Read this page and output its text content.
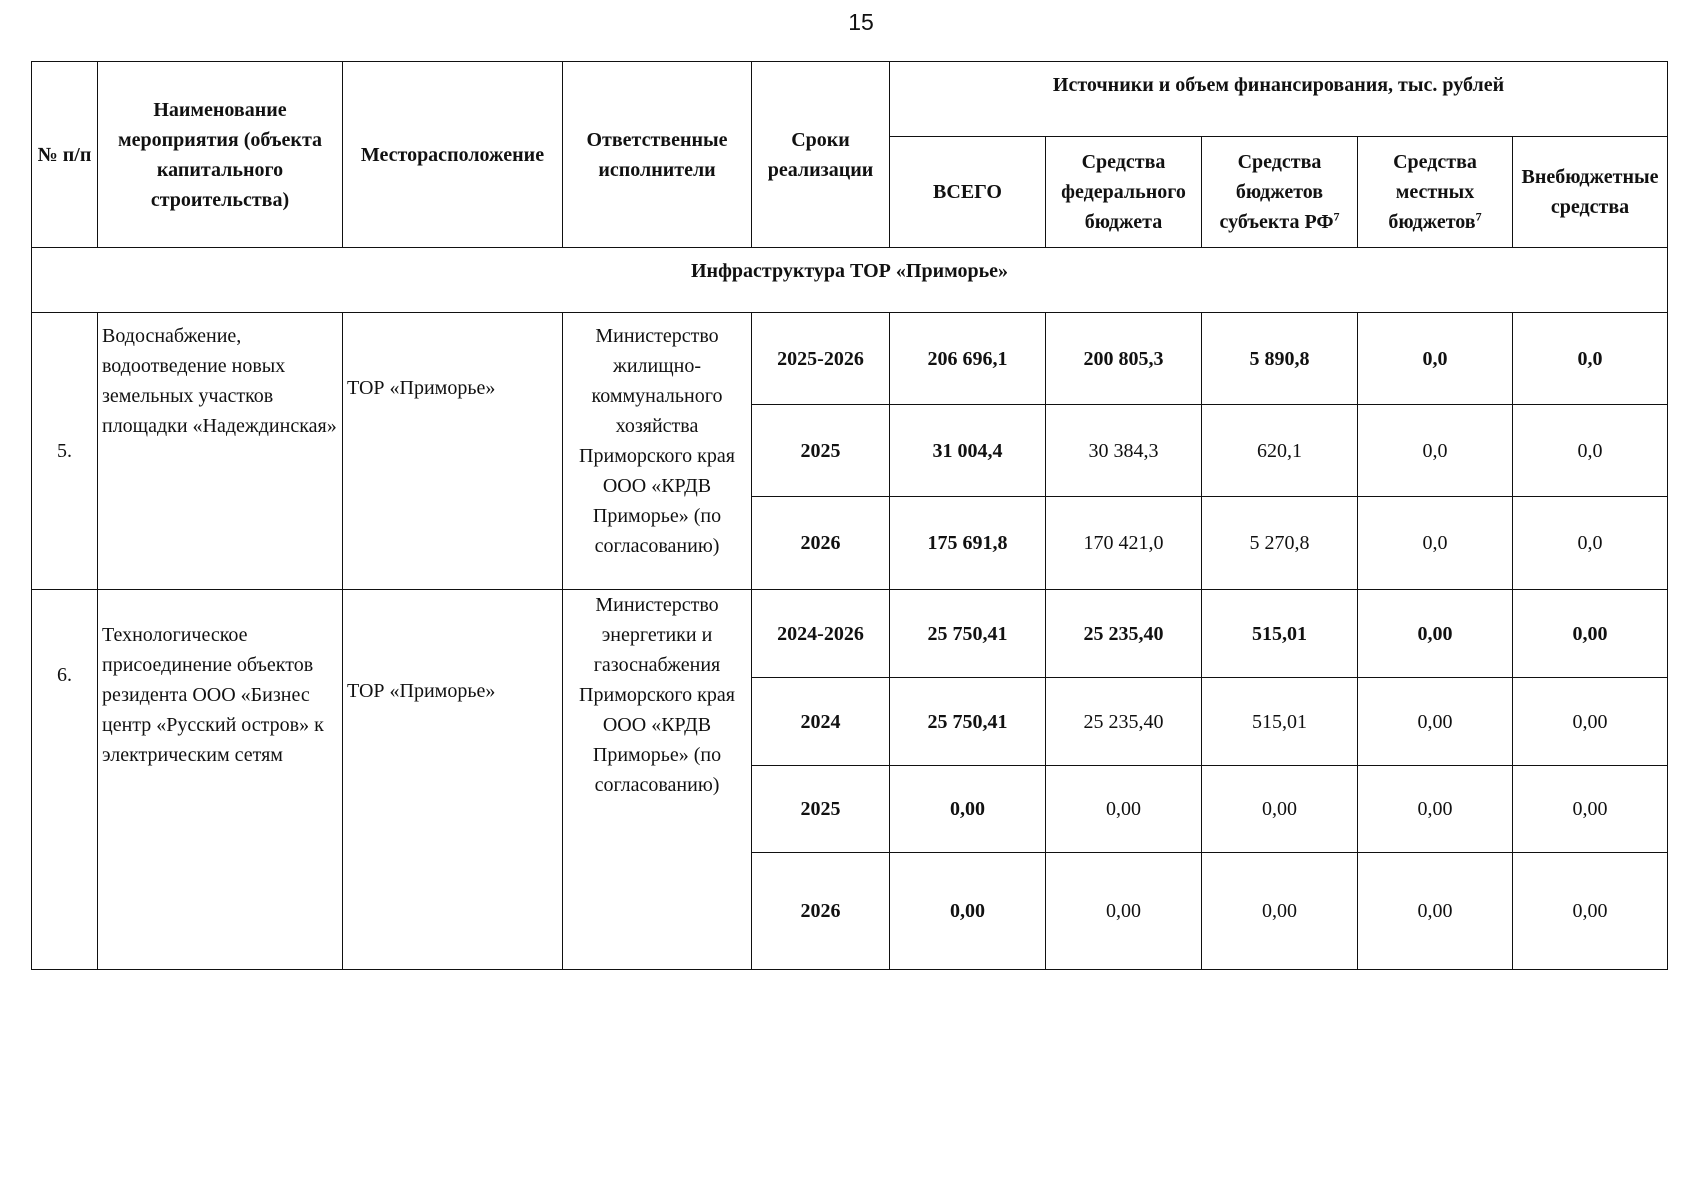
15
№ п/п	Наименование мероприятия (объекта капитального строительства)	Месторасположение	Ответственные исполнители	Сроки реализации	Источники и объем финансирования, тыс. рублей				
					ВСЕГО	Средства федерального бюджета	Средства бюджетов субъекта $РФ^7$	Средства местных бюджетов$^7$	Внебюджетные средства
Инфраструктура ТОР «Приморье»									
5.	Водоснабжение, водоотведение новых земельных участков площадки «Надеждинская»	ТОР «Приморье»	Министерство жилищно-коммунального хозяйства Приморского края ООО «КРДВ Приморье» (по согласованию)	2025-2026	206 696,1	200 805,3	5 890,8	0,0	0,0
				2025	31 004,4	30 384,3	620,1	0,0	0,0
				2026	175 691,8	170 421,0	5 270,8	0,0	0,0
6.	Технологическое присоединение объектов резидента ООО «Бизнес центр «Русский остров» к электрическим сетям	ТОР «Приморье»	Министерство энергетики и газоснабжения Приморского края ООО «КРДВ Приморье» (по согласованию)	2024-2026	25 750,41	25 235,40	515,01	0,00	0,00
				2024	25 750,41	25 235,40	515,01	0,00	0,00
				2025	0,00	0,00	0,00	0,00	0,00
				2026	0,00	0,00	0,00	0,00	0,00
